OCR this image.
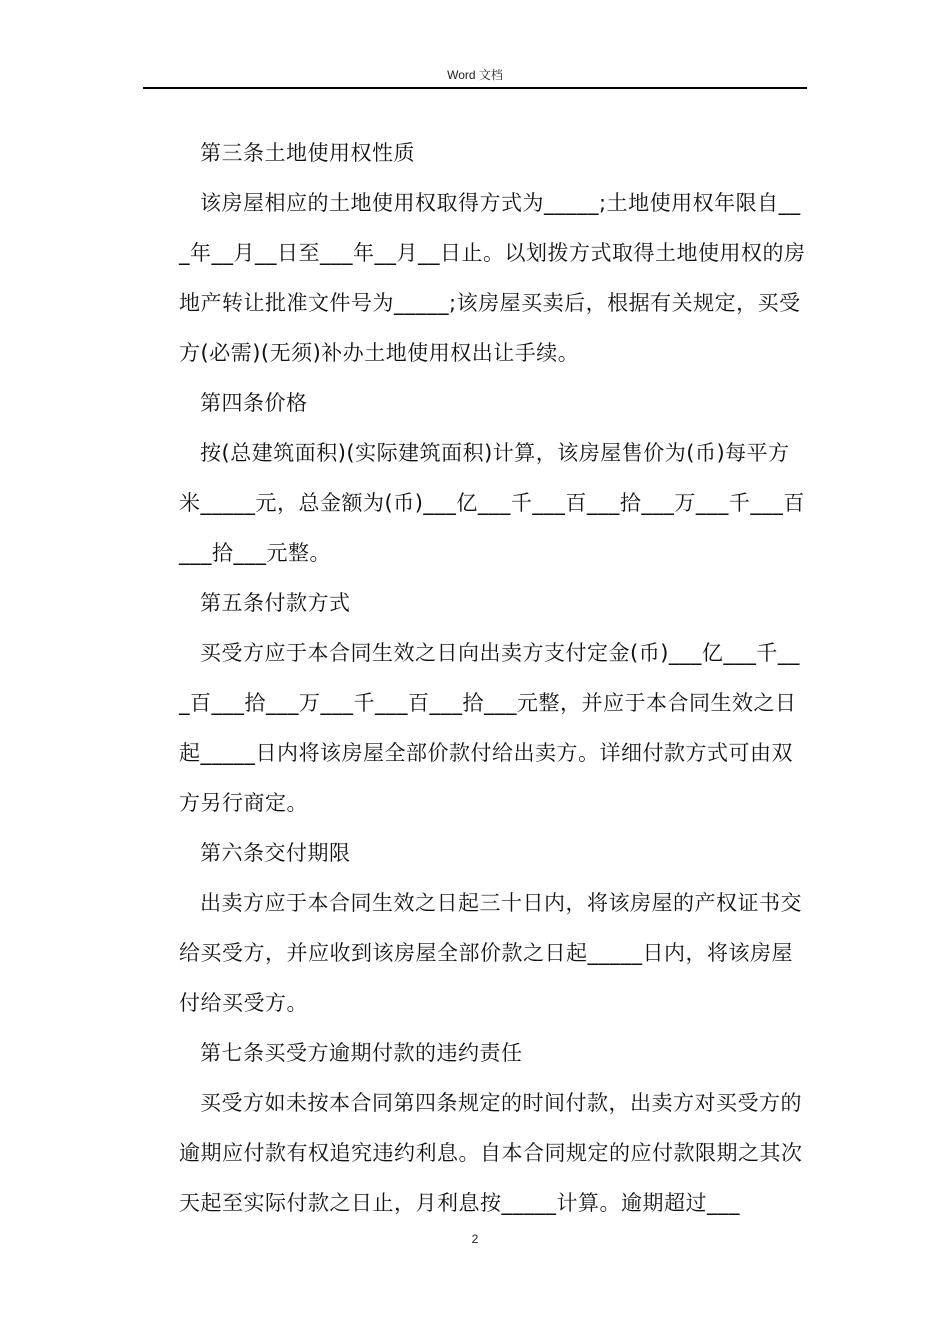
Word 文档

第三条土地使用权性质

该房屋相应的土地使用权取得方式为_____;土地使用权年限自___年__月__日至___年__月__日止。以划拨方式取得土地使用权的房地产转让批准文件号为_____;该房屋买卖后，根据有关规定，买受方(必需)(无须)补办土地使用权出让手续。

第四条价格

按(总建筑面积)(实际建筑面积)计算，该房屋售价为(币)每平方米_____元，总金额为(币)___亿___千___百___拾___万___千___百___拾___元整。

第五条付款方式

买受方应于本合同生效之日向出卖方支付定金(币)___亿___千___百___拾___万___千___百___拾___元整，并应于本合同生效之日起_____日内将该房屋全部价款付给出卖方。详细付款方式可由双方另行商定。

第六条交付期限

出卖方应于本合同生效之日起三十日内，将该房屋的产权证书交给买受方，并应收到该房屋全部价款之日起_____日内，将该房屋付给买受方。

第七条买受方逾期付款的违约责任

买受方如未按本合同第四条规定的时间付款，出卖方对买受方的逾期应付款有权追究违约利息。自本合同规定的应付款限期之其次天起至实际付款之日止，月利息按_____计算。逾期超过___

2
